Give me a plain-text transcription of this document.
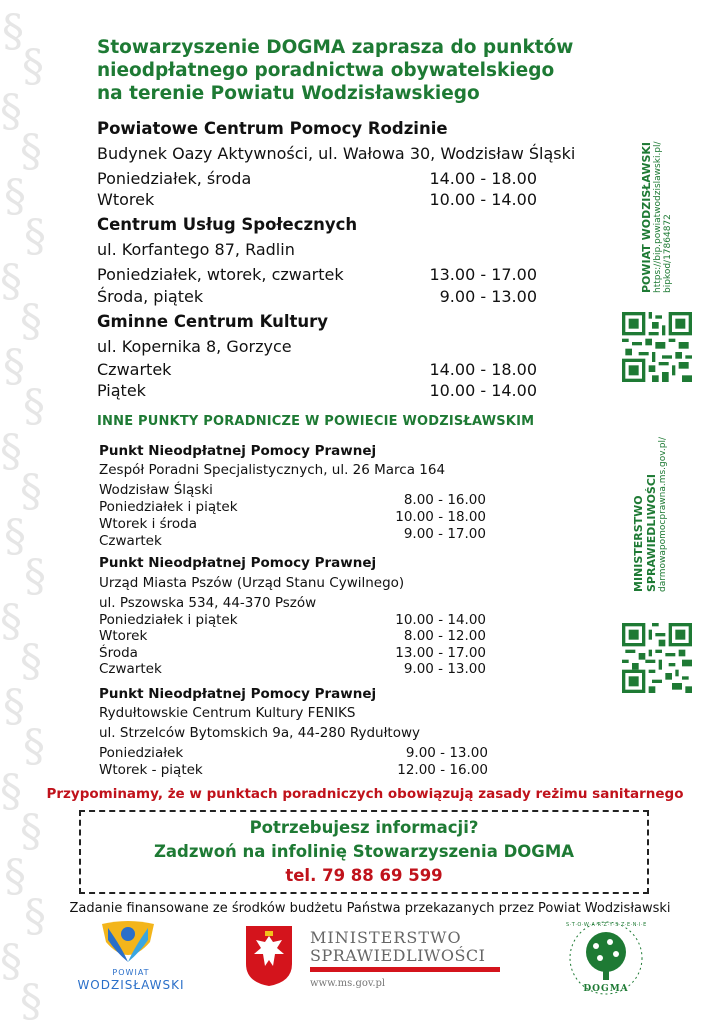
§
§
§
§
§
§
§
§
§
§
§
§
§
§
§
§
§
§
§
§
§
§
§
§
Stowarzyszenie DOGMA zaprasza do punktów
nieodpłatnego poradnictwa obywatelskiego
na terenie Powiatu Wodzisławskiego
Powiatowe Centrum Pomocy Rodzinie
Budynek Oazy Aktywności, ul. Wałowa 30, Wodzisław Śląski
Poniedziałek, środa	14.00 - 18.00
Wtorek	10.00 - 14.00
Centrum Usług Społecznych
ul. Korfantego 87, Radlin
Poniedziałek, wtorek, czwartek	13.00 - 17.00
Środa, piątek	9.00 - 13.00
Gminne Centrum Kultury
ul. Kopernika 8, Gorzyce
Czwartek	14.00 - 18.00
Piątek	10.00 - 14.00
INNE PUNKTY PORADNICZE W POWIECIE WODZISŁAWSKIM
Punkt Nieodpłatnej Pomocy Prawnej
Zespół Poradni Specjalistycznych, ul. 26 Marca 164
Wodzisław Śląski
Poniedziałek i piątek	8.00 - 16.00
Wtorek i środa	10.00 - 18.00
Czwartek	9.00 - 17.00
Punkt Nieodpłatnej Pomocy Prawnej
Urząd Miasta Pszów (Urząd Stanu Cywilnego)
ul. Pszowska 534, 44-370 Pszów
Poniedziałek i piątek	10.00 - 14.00
Wtorek	8.00 - 12.00
Środa	13.00 - 17.00
Czwartek	9.00 - 13.00
Punkt Nieodpłatnej Pomocy Prawnej
Rydułtowskie Centrum Kultury FENIKS
ul. Strzelców Bytomskich 9a, 44-280 Rydułtowy
Poniedziałek	9.00 - 13.00
Wtorek - piątek	12.00 - 16.00
POWIAT WODZISŁAWSKI https://bip.powiatwodzislawski.pl/ bipkod/17864872
MINISTERSTWO SPRAWIEDLIWOŚCI darmowapomocprawna.ms.gov.pl/
Przypominamy, że w punktach poradniczych obowiązują zasady reżimu sanitarnego
Potrzebujesz informacji?
Zadzwoń na infolinię Stowarzyszenia DOGMA
tel. 79 88 69 599
Zadanie finansowane ze środków budżetu Państwa przekazanych przez Powiat Wodzisławski
POWIAT
WODZISŁAWSKI
MINISTERSTWO
SPRAWIEDLIWOŚCI
www.ms.gov.pl
S·T·O·W·A·R·Z·Y·S·Z·E·N·I·E
DOGMA
